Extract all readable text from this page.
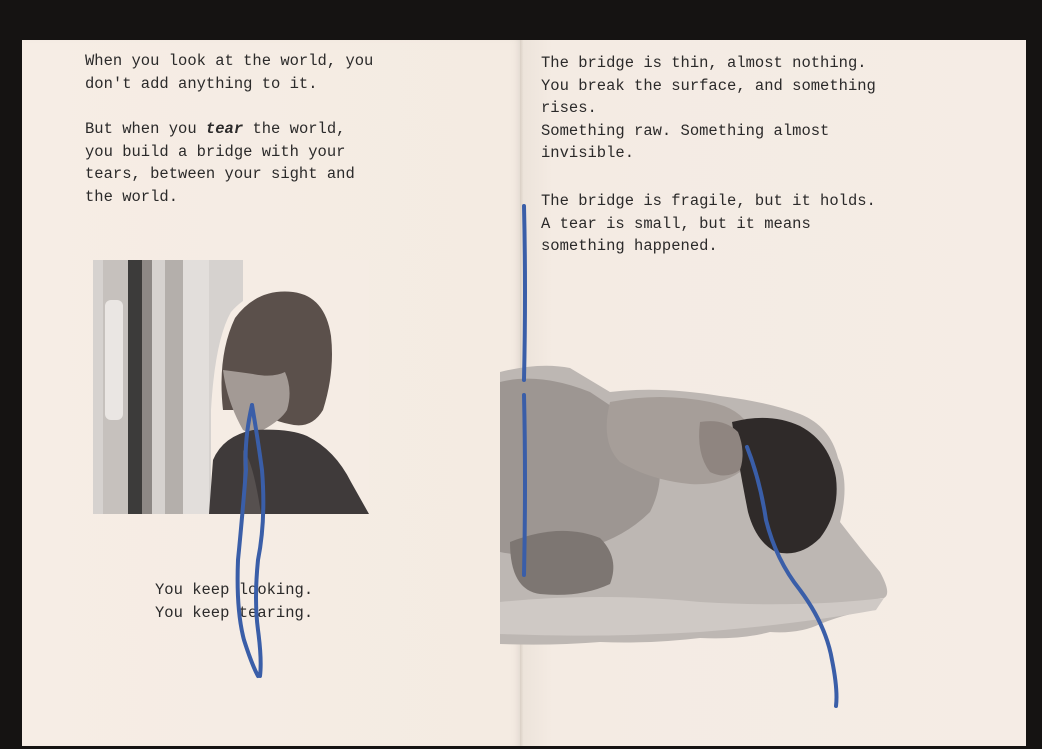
When you look at the world, you
don't add anything to it.

But when you tear the world,
you build a bridge with your
tears, between your sight and
the world.

You keep looking.
You keep tearing.

The bridge is thin, almost nothing.
You break the surface, and something
rises.
Something raw. Something almost
invisible.

The bridge is fragile, but it holds.
A tear is small, but it means
something happened.
